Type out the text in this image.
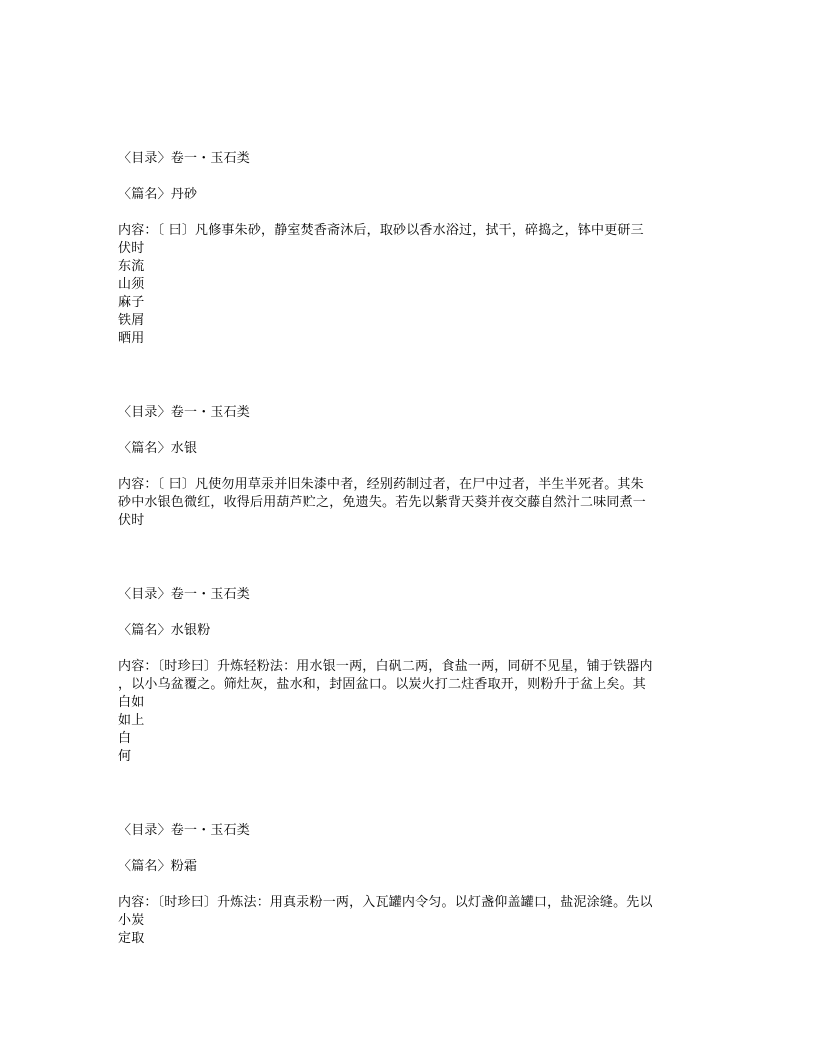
〈目录〉卷一・玉石类
〈篇名〉丹砂
内容：〔 曰〕凡修事朱砂，静室焚香斋沐后，取砂以香水浴过，拭干，碎捣之，钵中更研三
伏时
东流
山须
麻子
铁屑
晒用
〈目录〉卷一・玉石类
〈篇名〉水银
内容：〔 曰〕凡使勿用草汞并旧朱漆中者，经别药制过者，在尸中过者，半生半死者。其朱
砂中水银色微红，收得后用葫芦贮之，免遗失。若先以紫背天葵并夜交藤自然汁二味同煮一
伏时
〈目录〉卷一・玉石类
〈篇名〉水银粉
内容：〔时珍曰〕升炼轻粉法：用水银一两，白矾二两，食盐一两，同研不见星，铺于铁器内
，以小乌盆覆之。筛灶灰，盐水和，封固盆口。以炭火打二炷香取开，则粉升于盆上矣。其
白如
如上
白
何
〈目录〉卷一・玉石类
〈篇名〉粉霜
内容：〔时珍曰〕升炼法：用真汞粉一两，入瓦罐内令匀。以灯盏仰盖罐口，盐泥涂缝。先以
小炭
定取
